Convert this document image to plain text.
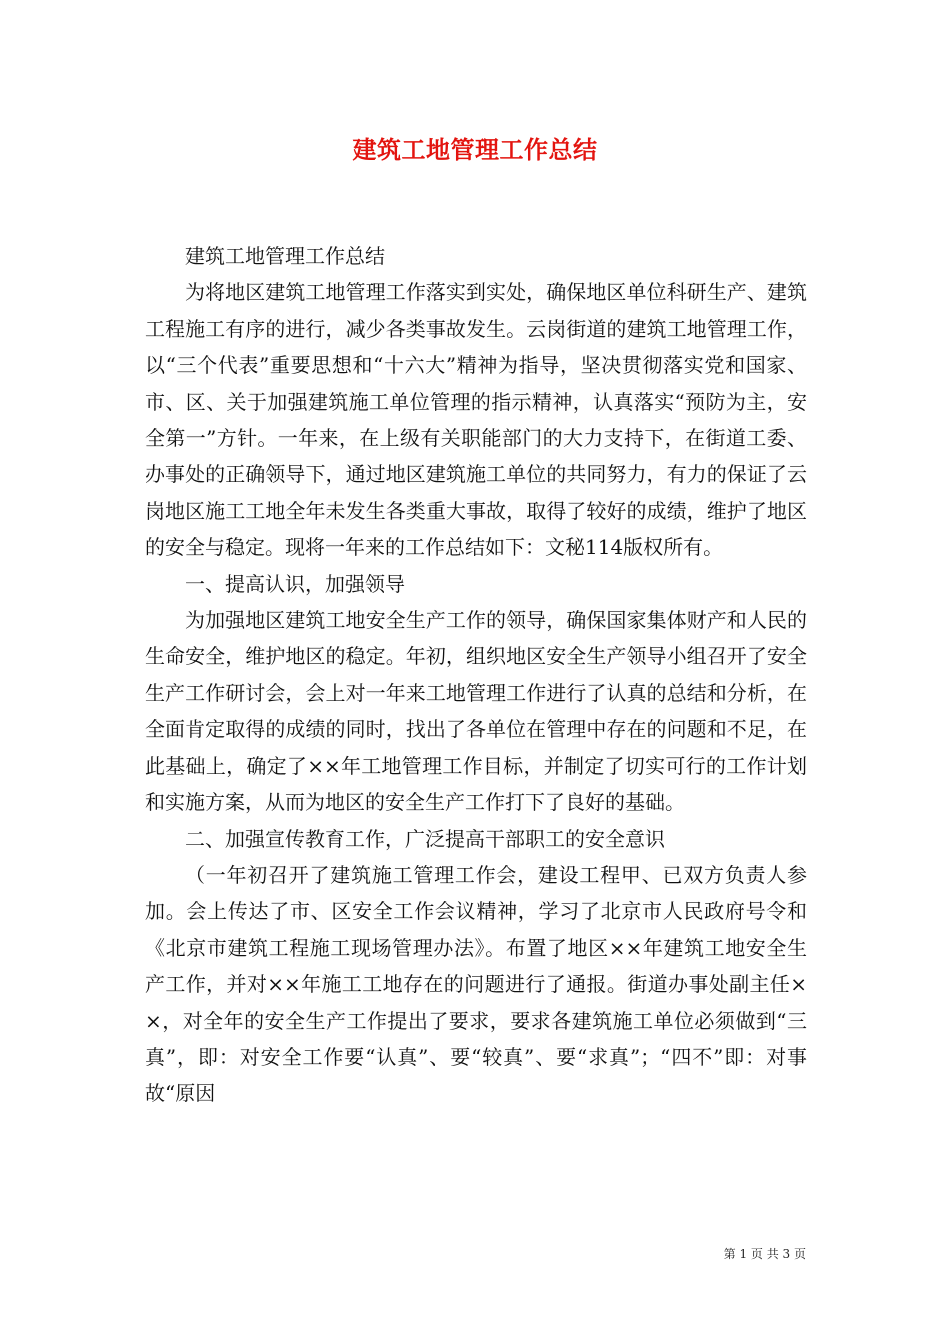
建筑工地管理工作总结

建筑工地管理工作总结

为将地区建筑工地管理工作落实到实处，确保地区单位科研生产、建筑工程施工有序的进行，减少各类事故发生。云岗街道的建筑工地管理工作，以“三个代表”重要思想和“十六大”精神为指导，坚决贯彻落实党和国家、市、区、关于加强建筑施工单位管理的指示精神，认真落实“预防为主，安全第一”方针。一年来，在上级有关职能部门的大力支持下，在街道工委、办事处的正确领导下，通过地区建筑施工单位的共同努力，有力的保证了云岗地区施工工地全年未发生各类重大事故，取得了较好的成绩，维护了地区的安全与稳定。现将一年来的工作总结如下：文秘114版权所有。

一、提高认识，加强领导

为加强地区建筑工地安全生产工作的领导，确保国家集体财产和人民的生命安全，维护地区的稳定。年初，组织地区安全生产领导小组召开了安全生产工作研讨会，会上对一年来工地管理工作进行了认真的总结和分析，在全面肯定取得的成绩的同时，找出了各单位在管理中存在的问题和不足，在此基础上，确定了××年工地管理工作目标，并制定了切实可行的工作计划和实施方案，从而为地区的安全生产工作打下了良好的基础。

二、加强宣传教育工作，广泛提高干部职工的安全意识

（一年初召开了建筑施工管理工作会，建设工程甲、已双方负责人参加。会上传达了市、区安全工作会议精神，学习了北京市人民政府号令和《北京市建筑工程施工现场管理办法》。布置了地区××年建筑工地安全生产工作，并对××年施工工地存在的问题进行了通报。街道办事处副主任××，对全年的安全生产工作提出了要求，要求各建筑施工单位必须做到“三真”，即：对安全工作要“认真”、要“较真”、要“求真”；“四不”即：对事故“原因

第 1 页 共 3 页
